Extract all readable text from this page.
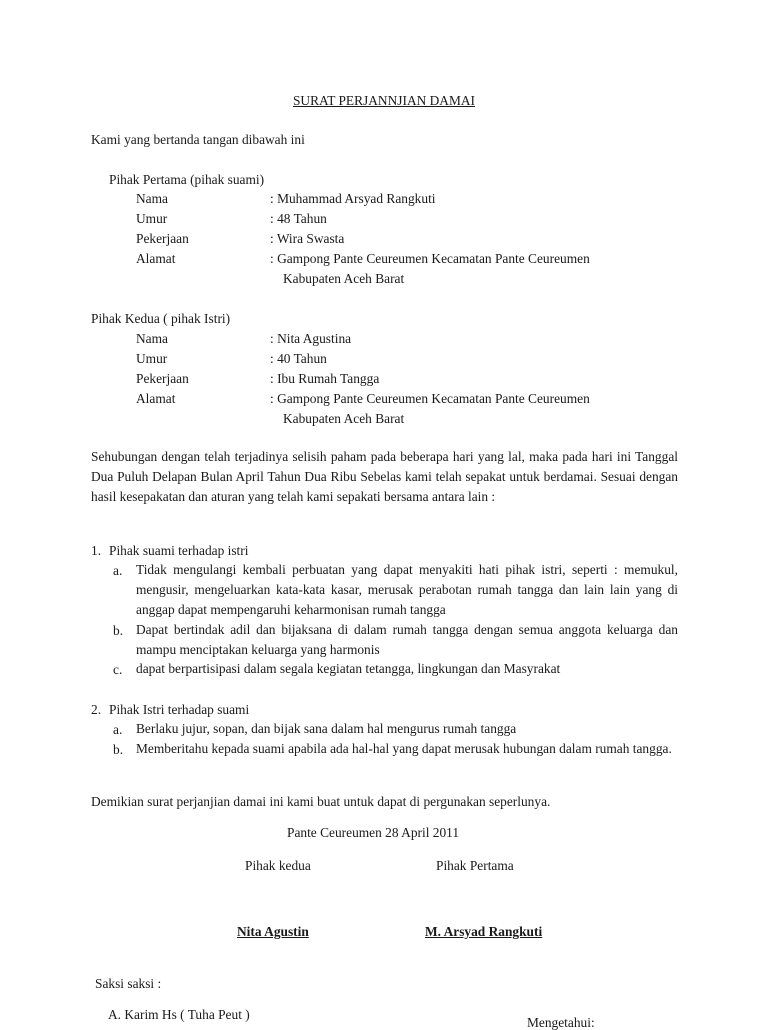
SURAT PERJANNJIAN DAMAI
Kami yang bertanda tangan dibawah ini
Pihak Pertama (pihak suami)
Nama	: Muhammad Arsyad Rangkuti
Umur	: 48 Tahun
Pekerjaan	: Wira Swasta
Alamat	: Gampong Pante Ceureumen Kecamatan Pante Ceureumen
Kabupaten Aceh Barat
Pihak Kedua ( pihak Istri)
Nama	: Nita Agustina
Umur	: 40 Tahun
Pekerjaan	: Ibu Rumah Tangga
Alamat	: Gampong Pante Ceureumen Kecamatan Pante Ceureumen
Kabupaten Aceh Barat
Sehubungan dengan telah terjadinya selisih paham pada beberapa hari yang lal, maka pada hari ini Tanggal Dua Puluh Delapan Bulan April Tahun Dua Ribu Sebelas kami telah sepakat untuk berdamai. Sesuai dengan hasil kesepakatan dan aturan yang telah kami sepakati bersama antara lain :
1. Pihak suami terhadap istri
a. Tidak mengulangi kembali perbuatan yang dapat menyakiti hati pihak istri, seperti : memukul, mengusir, mengeluarkan kata-kata kasar, merusak perabotan rumah tangga dan lain lain yang di anggap dapat mempengaruhi keharmonisan rumah tangga
b. Dapat bertindak adil dan bijaksana di dalam rumah tangga dengan semua anggota keluarga dan mampu menciptakan keluarga yang harmonis
c. dapat berpartisipasi dalam segala kegiatan tetangga, lingkungan dan Masyrakat
2. Pihak Istri terhadap suami
a. Berlaku jujur, sopan, dan bijak sana dalam hal mengurus rumah tangga
b. Memberitahu kepada suami apabila ada hal-hal yang dapat merusak hubungan dalam rumah tangga.
Demikian surat perjanjian damai ini kami buat untuk dapat di pergunakan seperlunya.
Pante Ceureumen 28 April 2011
Pihak kedua	Pihak Pertama
Nita Agustin	M. Arsyad Rangkuti
Saksi saksi :
A. Karim Hs ( Tuha Peut )
Mengetahui:
